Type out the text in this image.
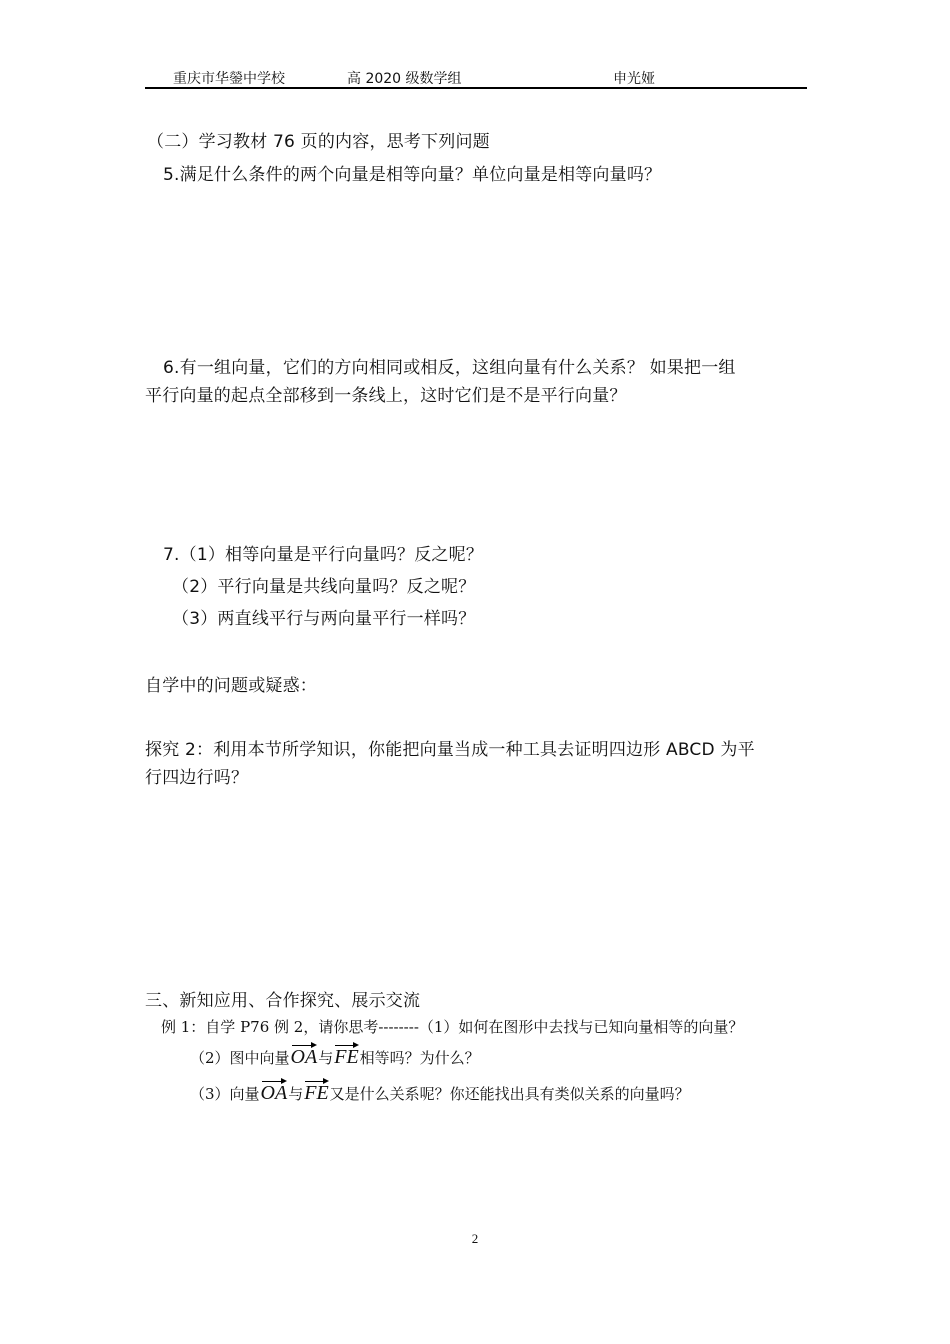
重庆市华鎣中学校	高 2020 级数学组	申光娅
（二）学习教材 76 页的内容，思考下列问题
5.满足什么条件的两个向量是相等向量？单位向量是相等向量吗？
6.有一组向量，它们的方向相同或相反，这组向量有什么关系？ 如果把一组
平行向量的起点全部移到一条线上，这时它们是不是平行向量？
7.（1）相等向量是平行向量吗？反之呢？
（2）平行向量是共线向量吗？反之呢？
（3）两直线平行与两向量平行一样吗？
自学中的问题或疑惑：
探究 2：利用本节所学知识，你能把向量当成一种工具去证明四边形 ABCD 为平
行四边行吗？
三、新知应用、合作探究、展示交流
例 1：自学 P76 例 2，请你思考--------（1）如何在图形中去找与已知向量相等的向量？
（2）图中向量OA与FE相等吗？为什么？
（3）向量OA与FE又是什么关系呢？你还能找出具有类似关系的向量吗？
2
